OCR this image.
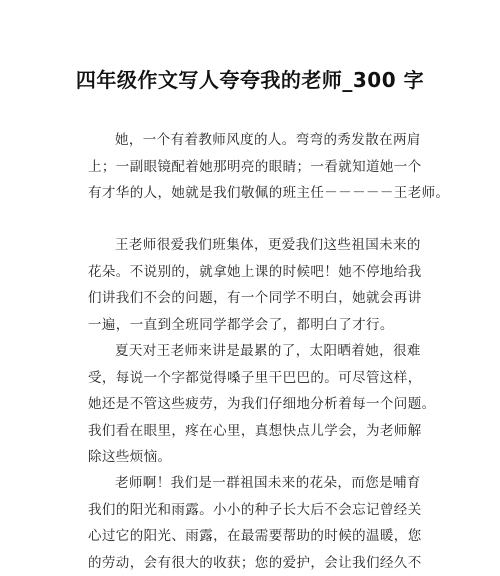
四年级作文写人夸夸我的老师_300 字
她，一个有着教师风度的人。弯弯的秀发散在两肩
上；一副眼镜配着她那明亮的眼睛；一看就知道她一个
有才华的人，她就是我们敬佩的班主任－－－－－王老师。
王老师很爱我们班集体，更爱我们这些祖国未来的
花朵。不说别的，就拿她上课的时候吧！她不停地给我
们讲我们不会的问题，有一个同学不明白，她就会再讲
一遍，一直到全班同学都学会了，都明白了才行。
夏天对王老师来讲是最累的了，太阳晒着她，很难
受，每说一个字都觉得嗓子里干巴巴的。可尽管这样，
她还是不管这些疲劳，为我们仔细地分析着每一个问题。
我们看在眼里，疼在心里，真想快点儿学会，为老师解
除这些烦恼。
老师啊！我们是一群祖国未来的花朵，而您是哺育
我们的阳光和雨露。小小的种子长大后不会忘记曾经关
心过它的阳光、雨露，在最需要帮助的时候的温暖，您
的劳动，会有很大的收获；您的爱护，会让我们经久不
